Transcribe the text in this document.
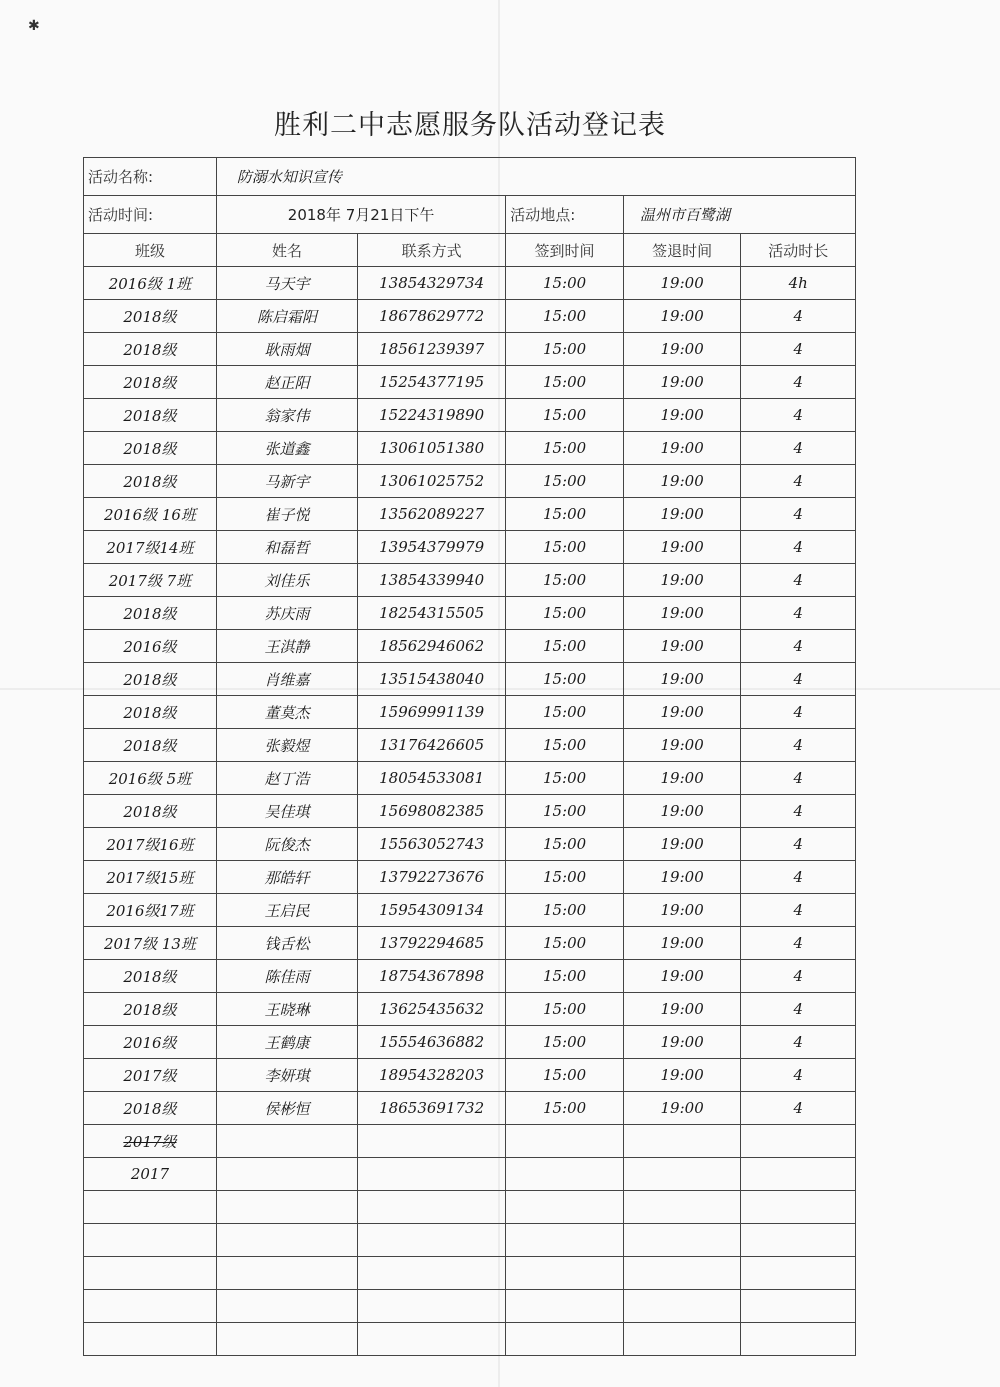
✱
胜利二中志愿服务队活动登记表
活动名称:	防溺水知识宣传				
活动时间:	2018年 7月21日下午		活动地点:	温州市百鹭湖	
班级	姓名	联系方式	签到时间	签退时间	活动时长
2016级 1班	马天宇	13854329734	15:00	19:00	4h
2018级	陈启霜阳	18678629772	15:00	19:00	4
2018级	耿雨烟	18561239397	15:00	19:00	4
2018级	赵正阳	15254377195	15:00	19:00	4
2018级	翁家伟	15224319890	15:00	19:00	4
2018级	张道鑫	13061051380	15:00	19:00	4
2018级	马新宇	13061025752	15:00	19:00	4
2016级 16班	崔子悦	13562089227	15:00	19:00	4
2017级14班	和磊哲	13954379979	15:00	19:00	4
2017级 7班	刘佳乐	13854339940	15:00	19:00	4
2018级	苏庆雨	18254315505	15:00	19:00	4
2016级	王淇静	18562946062	15:00	19:00	4
2018级	肖维嘉	13515438040	15:00	19:00	4
2018级	董莫杰	15969991139	15:00	19:00	4
2018级	张毅煜	13176426605	15:00	19:00	4
2016级 5班	赵丁浩	18054533081	15:00	19:00	4
2018级	吴佳琪	15698082385	15:00	19:00	4
2017级16班	阮俊杰	15563052743	15:00	19:00	4
2017级15班	那皓轩	13792273676	15:00	19:00	4
2016级17班	王启民	15954309134	15:00	19:00	4
2017级 13班	钱舌松	13792294685	15:00	19:00	4
2018级	陈佳雨	18754367898	15:00	19:00	4
2018级	王晓琳	13625435632	15:00	19:00	4
2016级	王鹤康	15554636882	15:00	19:00	4
2017级	李妍琪	18954328203	15:00	19:00	4
2018级	侯彬恒	18653691732	15:00	19:00	4
2017级					
2017					
